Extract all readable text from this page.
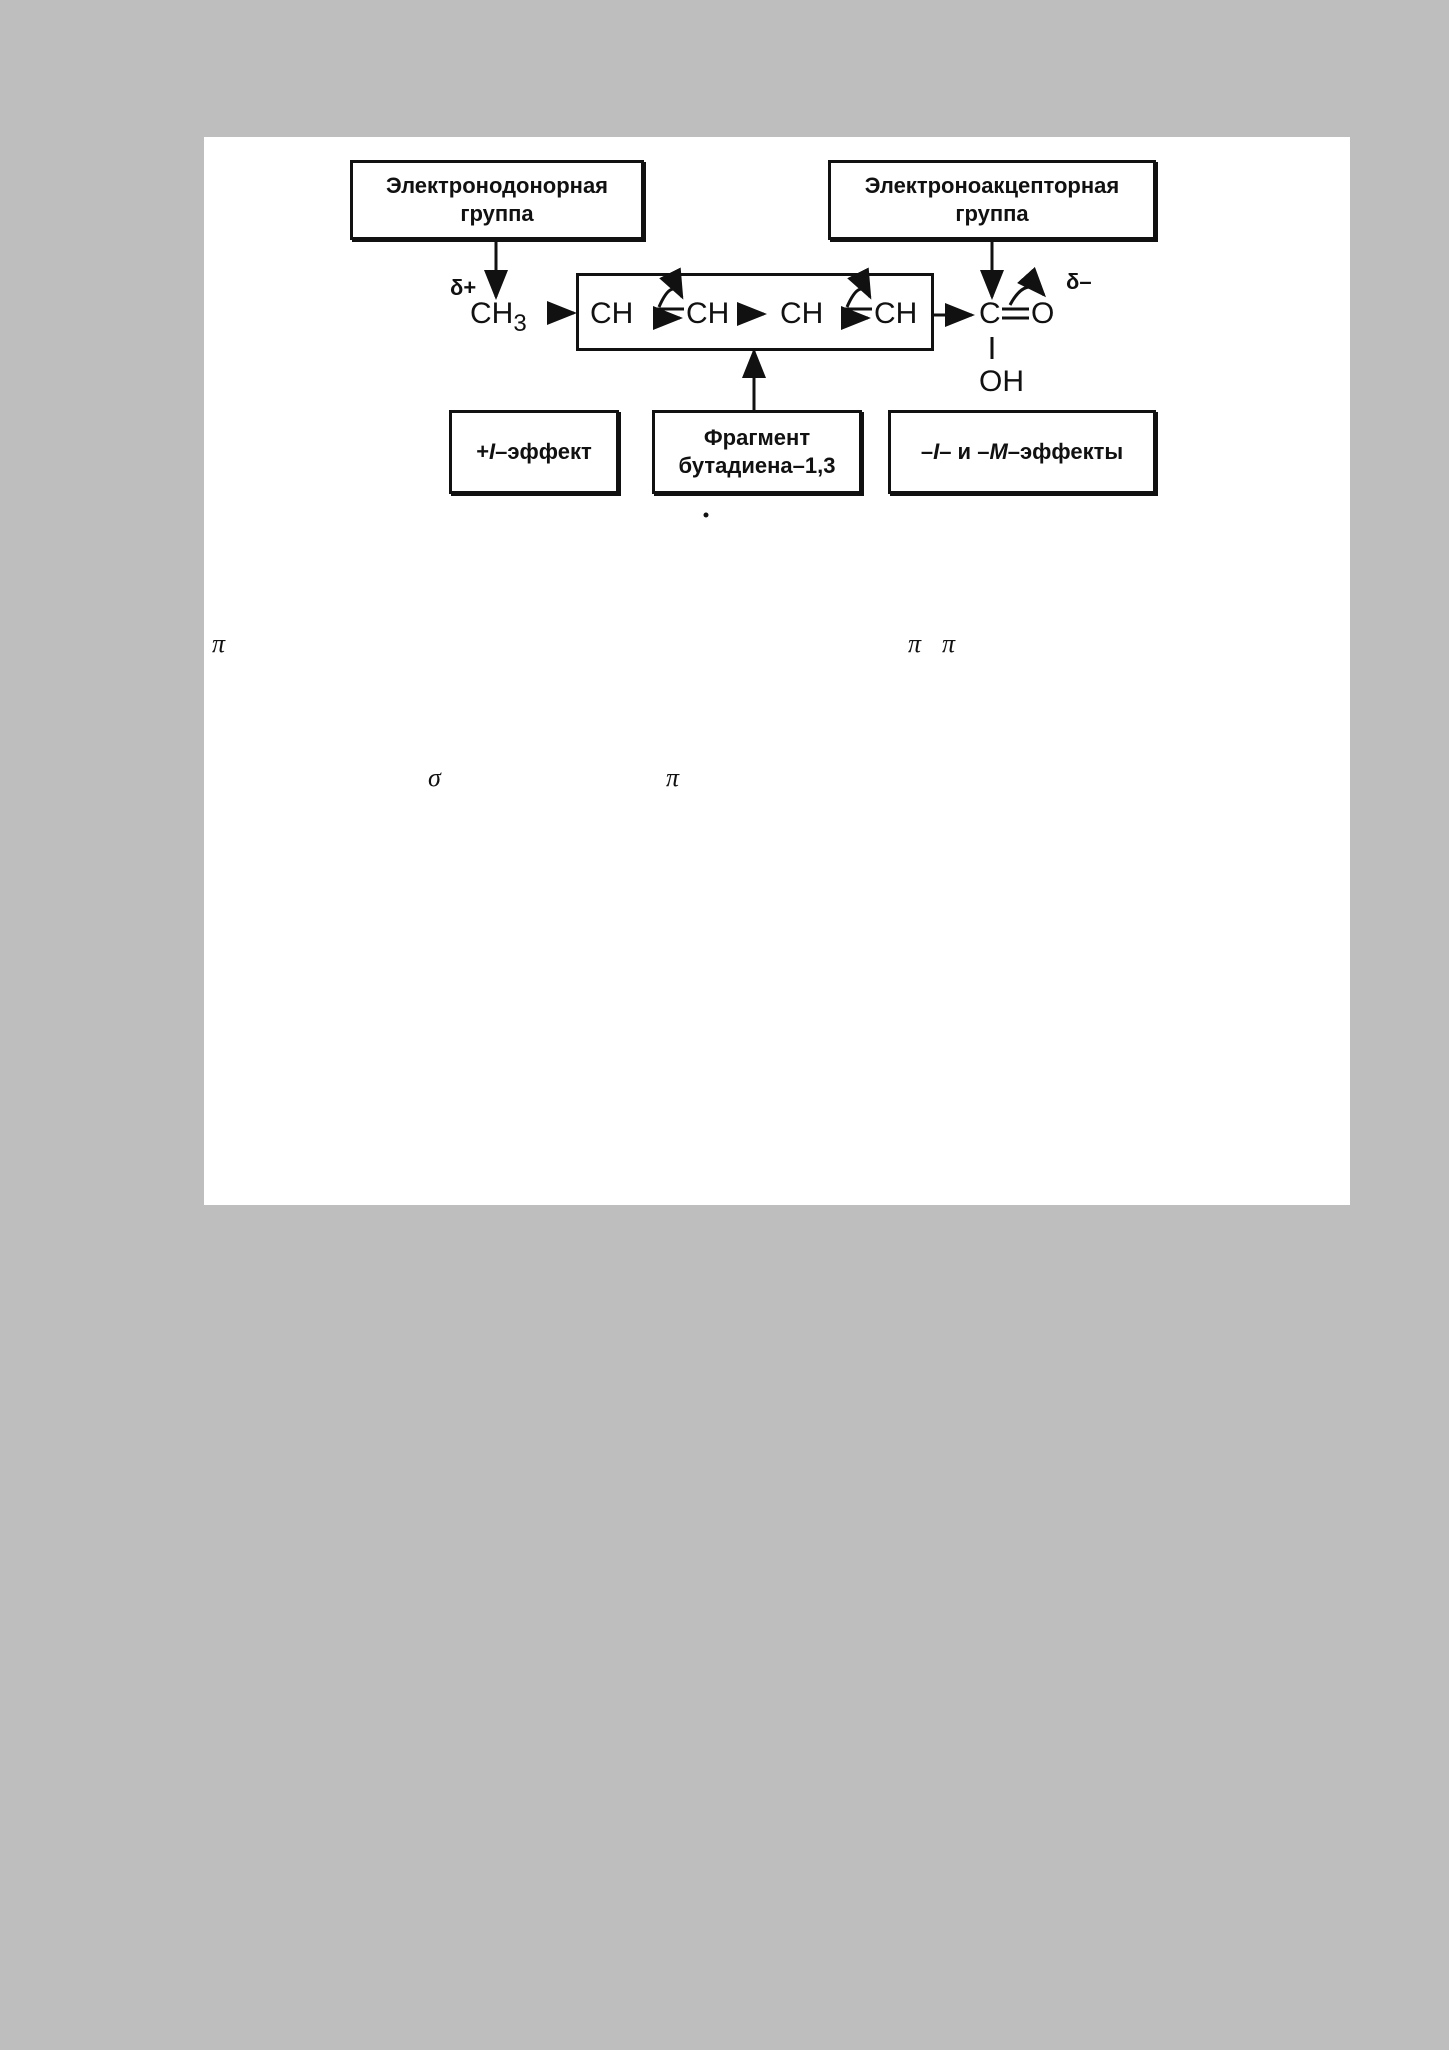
Электронодонорная
группа
Электроноакцепторная
группа
+I–эффект
Фрагмент
бутадиена–1,3
–I– и –M–эффекты
δ+
$CH_3$ CH CH CH CH C O
δ–
OH
π	π π
σ	π
